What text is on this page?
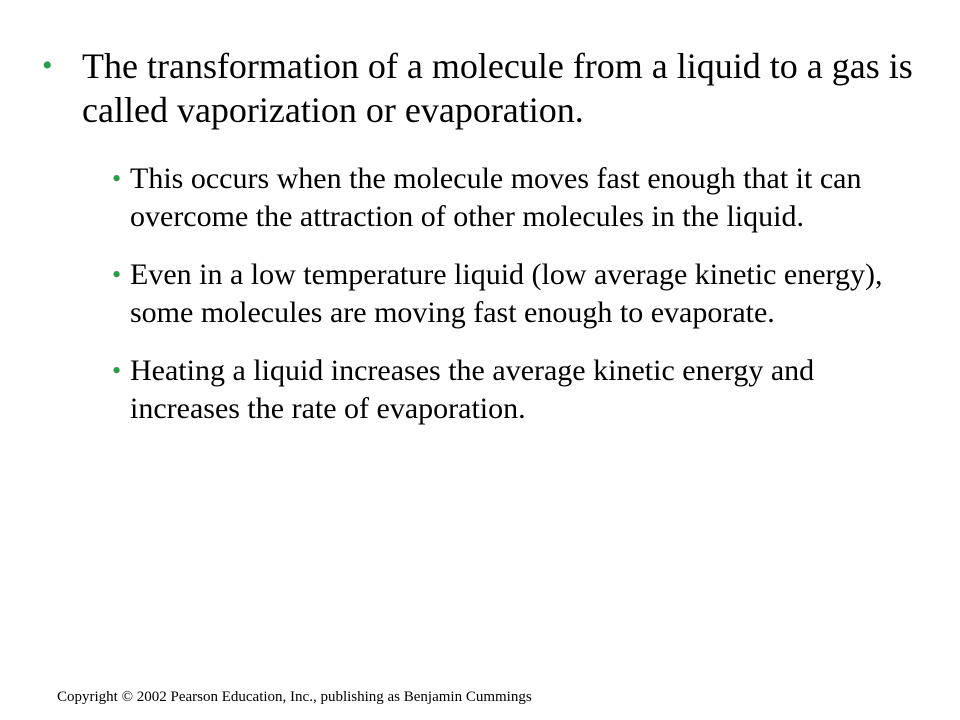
• The transformation of a molecule from a liquid to a gas is called vaporization or evaporation.
• This occurs when the molecule moves fast enough that it can overcome the attraction of other molecules in the liquid.
• Even in a low temperature liquid (low average kinetic energy), some molecules are moving fast enough to evaporate.
• Heating a liquid increases the average kinetic energy and increases the rate of evaporation.
Copyright © 2002 Pearson Education, Inc., publishing as Benjamin Cummings
